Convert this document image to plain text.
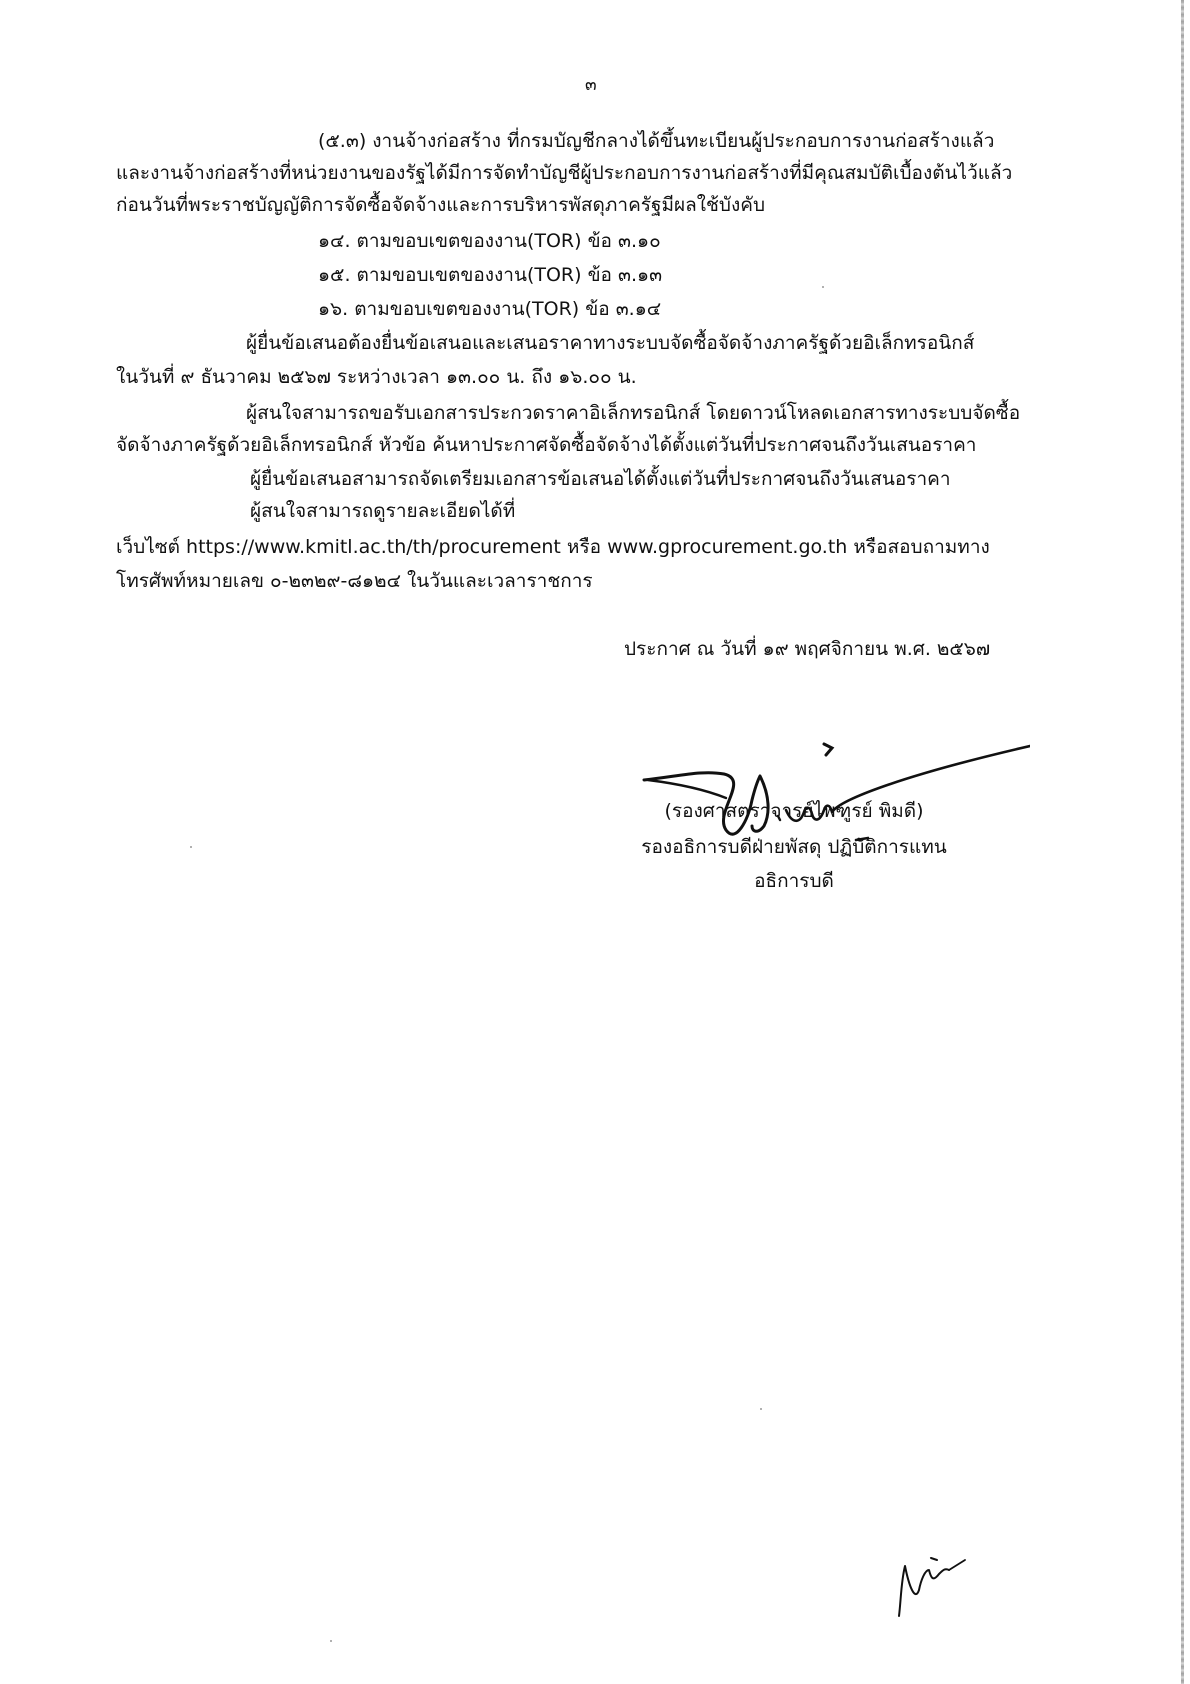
๓
(๕.๓) งานจ้างก่อสร้าง ที่กรมบัญชีกลางได้ขึ้นทะเบียนผู้ประกอบการงานก่อสร้างแล้ว
และงานจ้างก่อสร้างที่หน่วยงานของรัฐได้มีการจัดทำบัญชีผู้ประกอบการงานก่อสร้างที่มีคุณสมบัติเบื้องต้นไว้แล้ว
ก่อนวันที่พระราชบัญญัติการจัดซื้อจัดจ้างและการบริหารพัสดุภาครัฐมีผลใช้บังคับ
๑๔. ตามขอบเขตของงาน(TOR) ข้อ ๓.๑๐
๑๕. ตามขอบเขตของงาน(TOR) ข้อ ๓.๑๓
๑๖. ตามขอบเขตของงาน(TOR) ข้อ ๓.๑๔
ผู้ยื่นข้อเสนอต้องยื่นข้อเสนอและเสนอราคาทางระบบจัดซื้อจัดจ้างภาครัฐด้วยอิเล็กทรอนิกส์
ในวันที่ ๙ ธันวาคม ๒๕๖๗ ระหว่างเวลา ๑๓.๐๐ น. ถึง ๑๖.๐๐ น.
ผู้สนใจสามารถขอรับเอกสารประกวดราคาอิเล็กทรอนิกส์ โดยดาวน์โหลดเอกสารทางระบบจัดซื้อ
จัดจ้างภาครัฐด้วยอิเล็กทรอนิกส์ หัวข้อ ค้นหาประกาศจัดซื้อจัดจ้างได้ตั้งแต่วันที่ประกาศจนถึงวันเสนอราคา
ผู้ยื่นข้อเสนอสามารถจัดเตรียมเอกสารข้อเสนอได้ตั้งแต่วันที่ประกาศจนถึงวันเสนอราคา
ผู้สนใจสามารถดูรายละเอียดได้ที่
เว็บไซต์ https://www.kmitl.ac.th/th/procurement หรือ www.gprocurement.go.th หรือสอบถามทาง
โทรศัพท์หมายเลข ๐-๒๓๒๙-๘๑๒๔ ในวันและเวลาราชการ
ประกาศ ณ วันที่ ๑๙ พฤศจิกายน พ.ศ. ๒๕๖๗
(รองศาสตราจารย์ไพฑูรย์ พิมดี)
รองอธิการบดีฝ่ายพัสดุ ปฏิบัติการแทน
อธิการบดี
